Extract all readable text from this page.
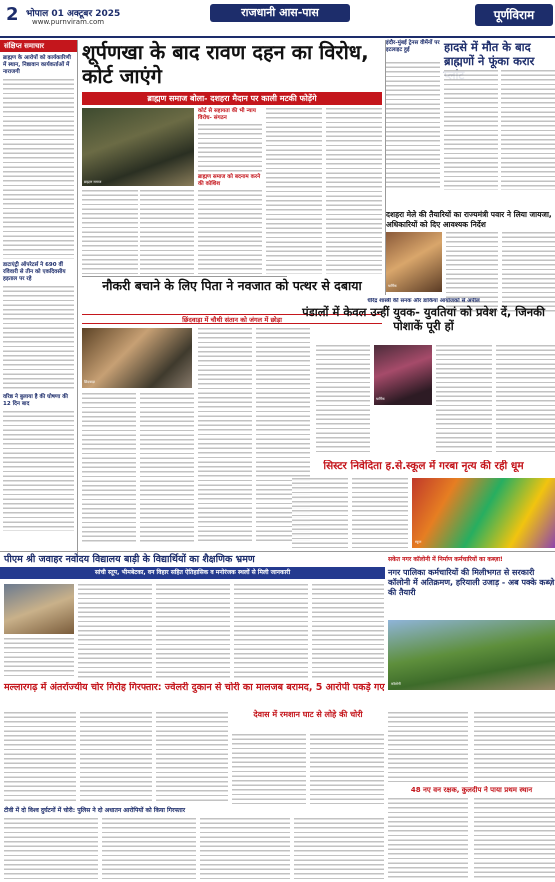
2 भोपाल 01 अक्टूबर 2025
www.purnviram.com
राजधानी आस-पास	पूर्णविराम
संक्षिप्त समाचार
ब्राह्मण के आरोपों को कार्यकारिणी में स्थान, निष्ठावान कार्यकर्ताओं में नाराजगी
डाटाएंट्री ऑपरेटर्स ने 690 वीं रविवारी से तीन को एकदिवसीय हड़ताल पर रहे
वरिष्ठ ने बुलाया है की घोषणा की 12 दिन बाद
शूर्पणखा के बाद रावण दहन का विरोध, कोर्ट जाएंगे
ब्राह्मण समाज बोला- दशहरा मैदान पर काली मटकी फोड़ेंगे
ब्राह्मण समाज
कोर्ट से सहायता की भी न्याय विरोध- संगठन
ब्राह्मण समाज को बदनाम करने की कोशिश
इंदौर-मुंबई ट्रेनस वीमेंनों पर इटलाइट हुई	हादसे में मौत के बाद ब्राह्मणों ने फूंका करार
दशहरा मेले की तैयारियों का राज्यमंत्री पवार ने लिया जायजा, अधिकारियों को दिए आवश्यक निर्देश
धार्मिक
नौकरी बचाने के लिए पिता ने नवजात को पत्थर से दबाया
छिंदवाड़ा में चौथी संतान को जंगल में छोड़ा
छिंदवाड़ा
धीरेंद्र शास्त्री की सनक और डाकिया आयोजकों से अपील
पंडालों में केवल उन्हीं युवक- युवतियां को प्रवेश दें, जिनकी पोशाकें पूरी हों
धार्मिक
सिस्टर निवेदिता ह.से.स्कूल में गरबा नृत्य की रही धूम
स्कूल
पीएम श्री जवाहर नवोदय विद्यालय बाड़ी के विद्यार्थियों का शैक्षणिक भ्रमण
सांची स्तूप, भीमबेटका, वन विहार सहित ऐतिहासिक व मनोरंजक स्थलों से मिली जानकारी
सकेत नगर कॉलोनी में निर्माण कर्मचारियों का कब्ज़ा!
नगर पालिका कर्मचारियों की मिलीभगत से सरकारी कॉलोनी में अतिक्रमण, हरियाली उजाड़ - अब पक्के कब्ज़े की तैयारी
कॉलोनी
मल्लारगढ़ में अंतर्राज्यीय चोर गिरोह गिरफ्तार: ज्वेलरी दुकान से चोरी का मालजब बरामद, 5 आरोपी पकड़े गए
देवास में रमशान घाट से लोहे की चोरी
टीवी में दो विश्व दुर्घटनों में चोरी: पुलिस ने दो अधातन आरोपियों को किया गिरफ्तार
48 नए वन रक्षक, कुलदीप ने पाया प्रथम स्थान
